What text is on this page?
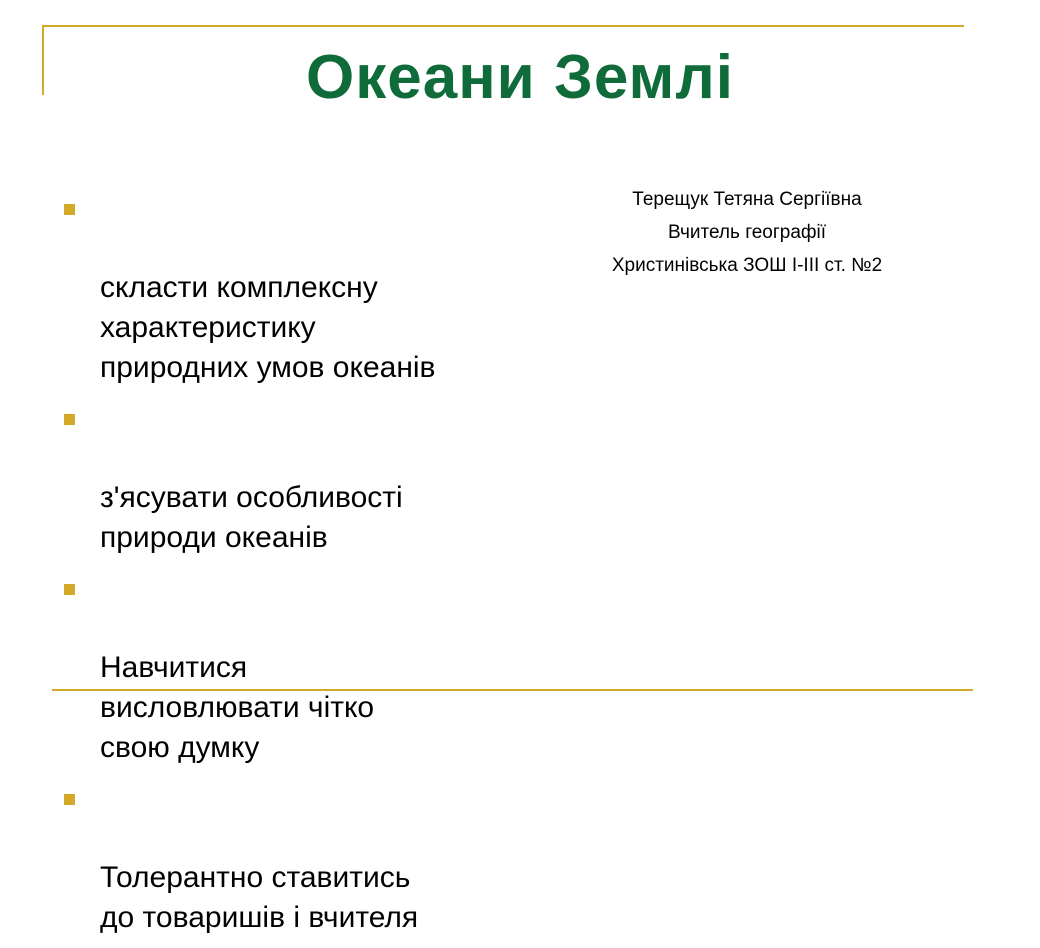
Океани Землі

скласти комплексну
характеристику
природних умов океанів

з'ясувати особливості
природи океанів

Навчитися
висловлювати чітко
свою думку

Толерантно ставитись
до товаришів і вчителя

Терещук Тетяна Сергіївна
Вчитель географії
Христинівська ЗОШ І-ІІІ ст. №2
